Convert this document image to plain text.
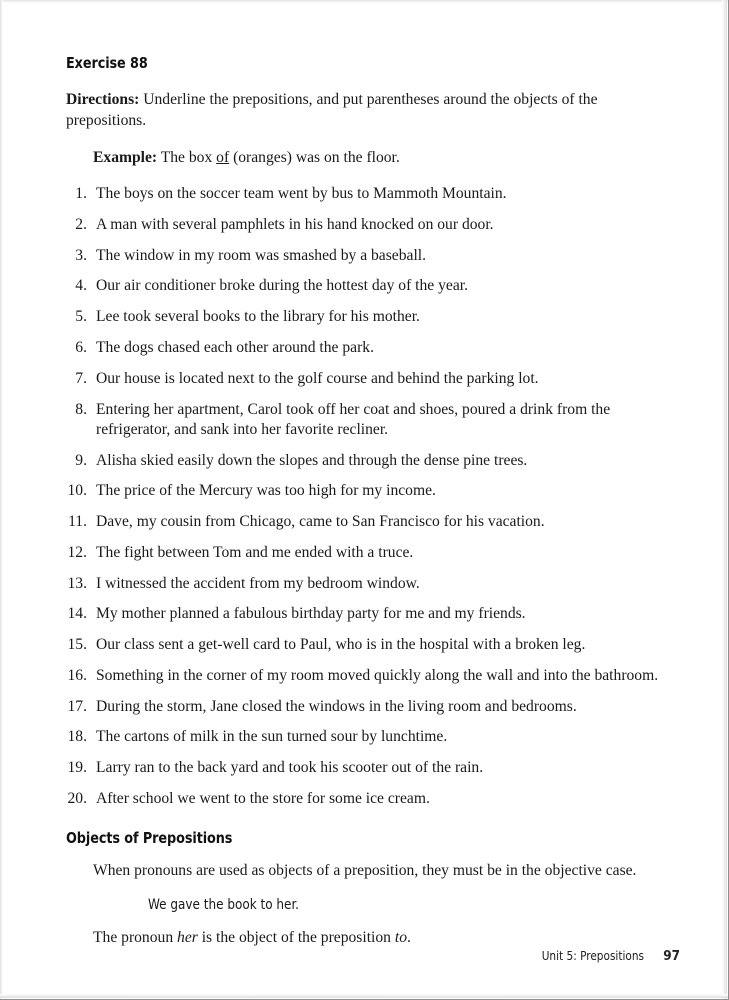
Exercise 88

Directions: Underline the prepositions, and put parentheses around the objects of the prepositions.

Example: The box of (oranges) was on the floor.

1. The boys on the soccer team went by bus to Mammoth Mountain.
2. A man with several pamphlets in his hand knocked on our door.
3. The window in my room was smashed by a baseball.
4. Our air conditioner broke during the hottest day of the year.
5. Lee took several books to the library for his mother.
6. The dogs chased each other around the park.
7. Our house is located next to the golf course and behind the parking lot.
8. Entering her apartment, Carol took off her coat and shoes, poured a drink from the refrigerator, and sank into her favorite recliner.
9. Alisha skied easily down the slopes and through the dense pine trees.
10. The price of the Mercury was too high for my income.
11. Dave, my cousin from Chicago, came to San Francisco for his vacation.
12. The fight between Tom and me ended with a truce.
13. I witnessed the accident from my bedroom window.
14. My mother planned a fabulous birthday party for me and my friends.
15. Our class sent a get-well card to Paul, who is in the hospital with a broken leg.
16. Something in the corner of my room moved quickly along the wall and into the bathroom.
17. During the storm, Jane closed the windows in the living room and bedrooms.
18. The cartons of milk in the sun turned sour by lunchtime.
19. Larry ran to the back yard and took his scooter out of the rain.
20. After school we went to the store for some ice cream.
Objects of Prepositions

When pronouns are used as objects of a preposition, they must be in the objective case.

We gave the book to her.

The pronoun her is the object of the preposition to.

Unit 5: Prepositions 97
